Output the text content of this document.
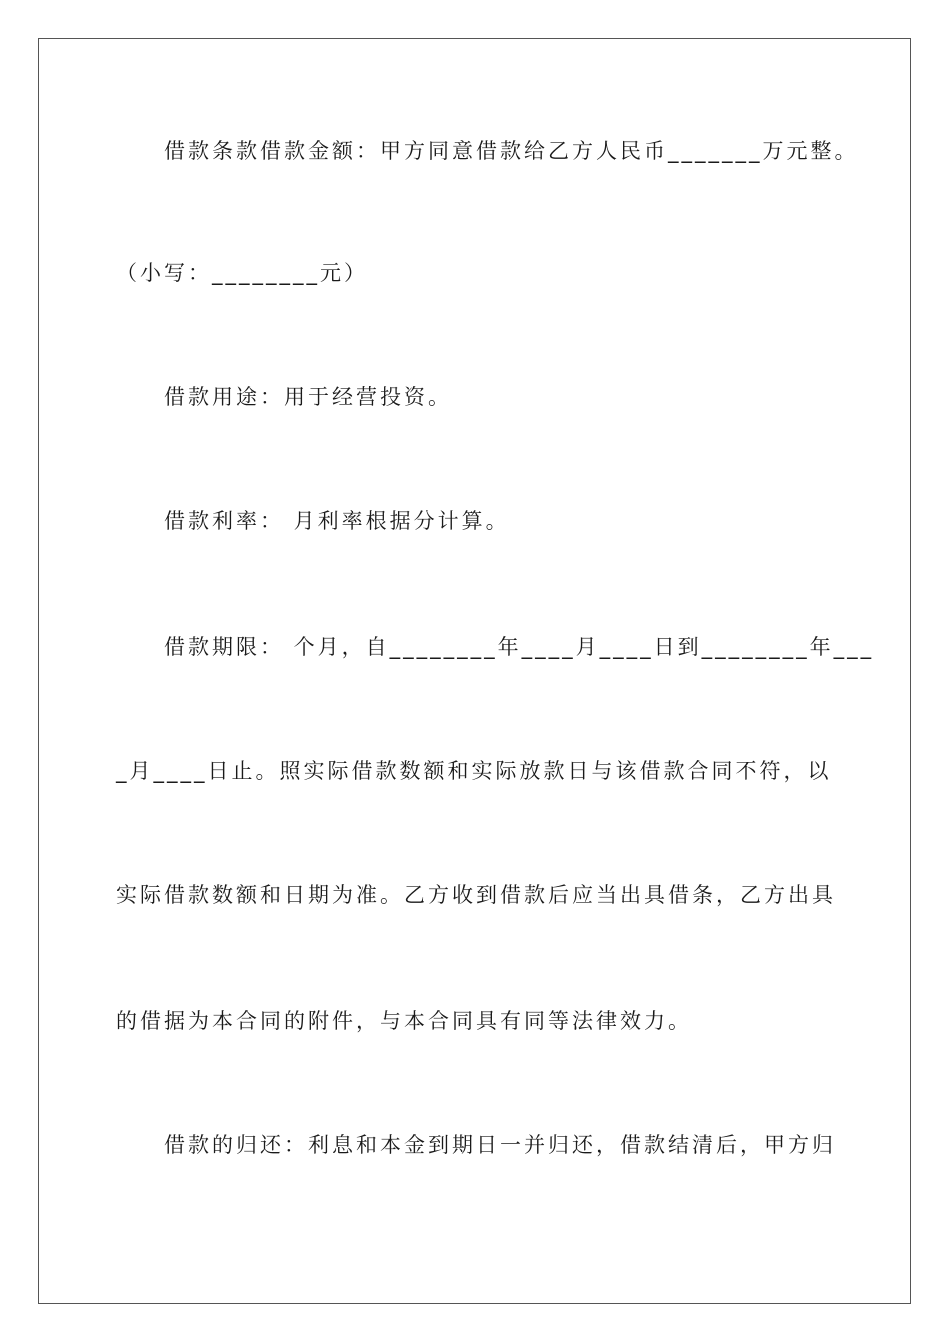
借款条款借款金额：甲方同意借款给乙方人民币_______万元整。
（小写：________元）
借款用途：用于经营投资。
借款利率： 月利率根据分计算。
借款期限： 个月，自________年____月____日到________年___
_月____日止。照实际借款数额和实际放款日与该借款合同不符，以
实际借款数额和日期为准。乙方收到借款后应当出具借条，乙方出具
的借据为本合同的附件，与本合同具有同等法律效力。
借款的归还：利息和本金到期日一并归还，借款结清后，甲方归
